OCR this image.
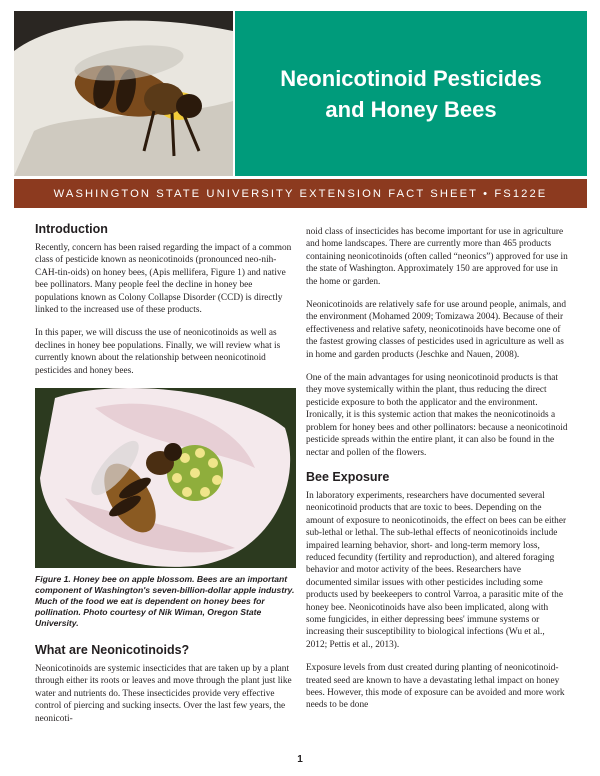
Neonicotinoid Pesticides and Honey Bees
WASHINGTON STATE UNIVERSITY EXTENSION FACT SHEET • FS122E
Introduction

Recently, concern has been raised regarding the impact of a common class of pesticide known as neonicotinoids (pronounced neo-nih-CAH-tin-oids) on honey bees, (Apis mellifera, Figure 1) and native bee pollinators. Many people feel the decline in honey bee populations known as Colony Collapse Disorder (CCD) is directly linked to the increased use of these products.

In this paper, we will discuss the use of neonicotinoids as well as declines in honey bee populations. Finally, we will review what is currently known about the relationship between neonicotinoid pesticides and honey bees.

Figure 1. Honey bee on apple blossom. Bees are an important component of Washington's seven-billion-dollar apple industry. Much of the food we eat is dependent on honey bees for pollination. Photo courtesy of Nik Wiman, Oregon State University.

What are Neonicotinoids?

Neonicotinoids are systemic insecticides that are taken up by a plant through either its roots or leaves and move through the plant just like water and nutrients do. These insecticides provide very effective control of piercing and sucking insects. Over the last few years, the neonicoti-

noid class of insecticides has become important for use in agriculture and home landscapes. There are currently more than 465 products containing neonicotinoids (often called “neonics”) approved for use in the state of Washington. Approximately 150 are approved for use in the home or garden.

Neonicotinoids are relatively safe for use around people, animals, and the environment (Mohamed 2009; Tomizawa 2004). Because of their effectiveness and relative safety, neonicotinoids have become one of the fastest growing classes of pesticides used in agriculture as well as in home and garden products (Jeschke and Nauen, 2008).

One of the main advantages for using neonicotinoid products is that they move systemically within the plant, thus reducing the direct pesticide exposure to both the applicator and the environment. Ironically, it is this systemic action that makes the neonicotinoids a problem for honey bees and other pollinators: because a neonicotinoid pesticide spreads within the entire plant, it can also be found in the nectar and pollen of the flowers.

Bee Exposure

In laboratory experiments, researchers have documented several neonicotinoid products that are toxic to bees. Depending on the amount of exposure to neonicotinoids, the effect on bees can be either sub-lethal or lethal. The sub-lethal effects of neonicotinoids include impaired learning behavior, short- and long-term memory loss, reduced fecundity (fertility and reproduction), and altered foraging behavior and motor activity of the bees. Researchers have documented similar issues with other pesticides including some products used by beekeepers to control Varroa, a parasitic mite of the honey bee. Neonicotinoids have also been implicated, along with some fungicides, in either depressing bees' immune systems or increasing their susceptibility to biological infections (Wu et al., 2012; Pettis et al., 2013).

Exposure levels from dust created during planting of neonicotinoid-treated seed are known to have a devastating lethal impact on honey bees. However, this mode of exposure can be avoided and more work needs to be done

1
